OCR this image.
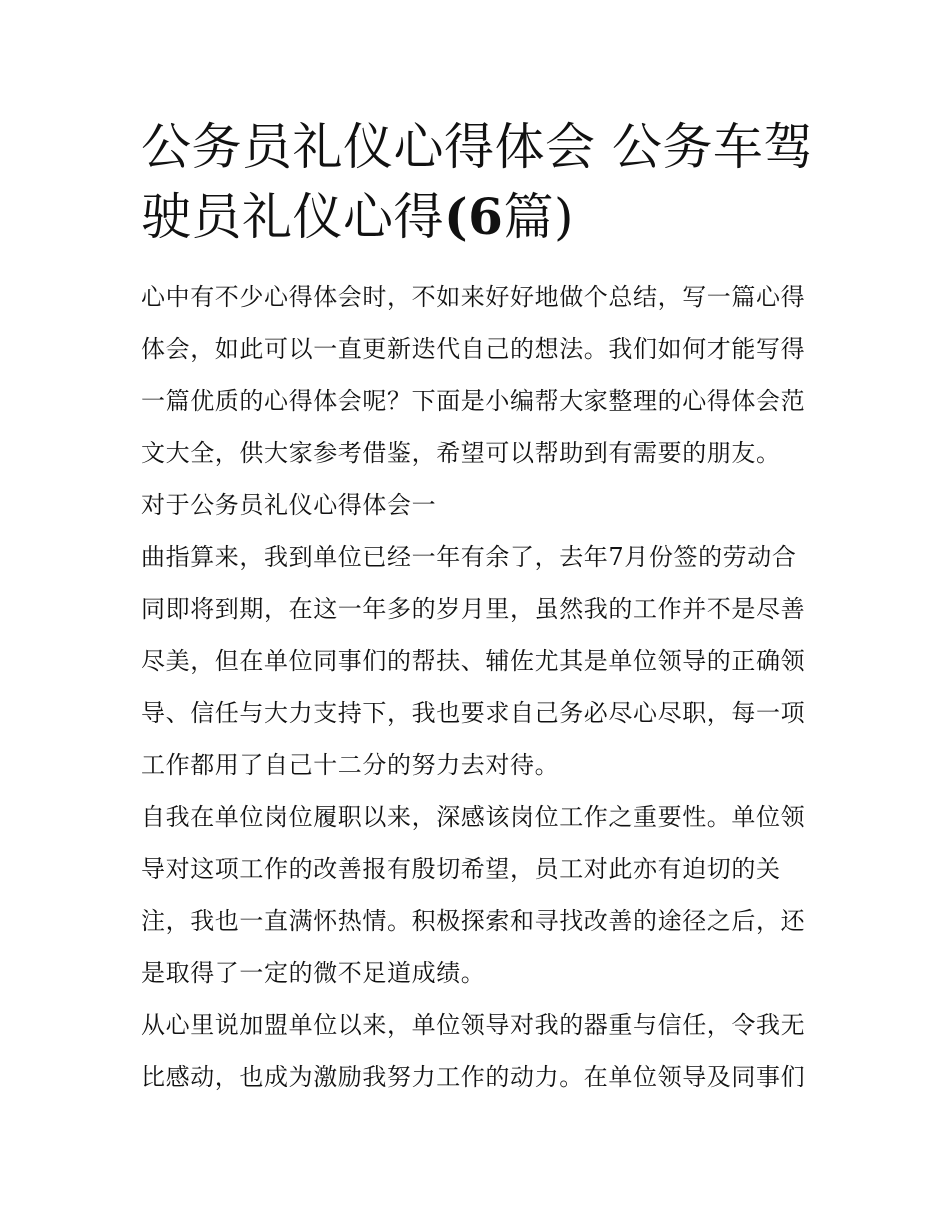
公务员礼仪心得体会 公务车驾驶员礼仪心得(6篇)

心中有不少心得体会时，不如来好好地做个总结，写一篇心得体会，如此可以一直更新迭代自己的想法。我们如何才能写得一篇优质的心得体会呢？下面是小编帮大家整理的心得体会范文大全，供大家参考借鉴，希望可以帮助到有需要的朋友。

对于公务员礼仪心得体会一

曲指算来，我到单位已经一年有余了，去年7月份签的劳动合同即将到期，在这一年多的岁月里，虽然我的工作并不是尽善尽美，但在单位同事们的帮扶、辅佐尤其是单位领导的正确领导、信任与大力支持下，我也要求自己务必尽心尽职，每一项工作都用了自己十二分的努力去对待。

自我在单位岗位履职以来，深感该岗位工作之重要性。单位领导对这项工作的改善报有殷切希望，员工对此亦有迫切的关注，我也一直满怀热情。积极探索和寻找改善的途径之后，还是取得了一定的微不足道成绩。

从心里说加盟单位以来，单位领导对我的器重与信任，令我无比感动，也成为激励我努力工作的动力。在单位领导及同事们
